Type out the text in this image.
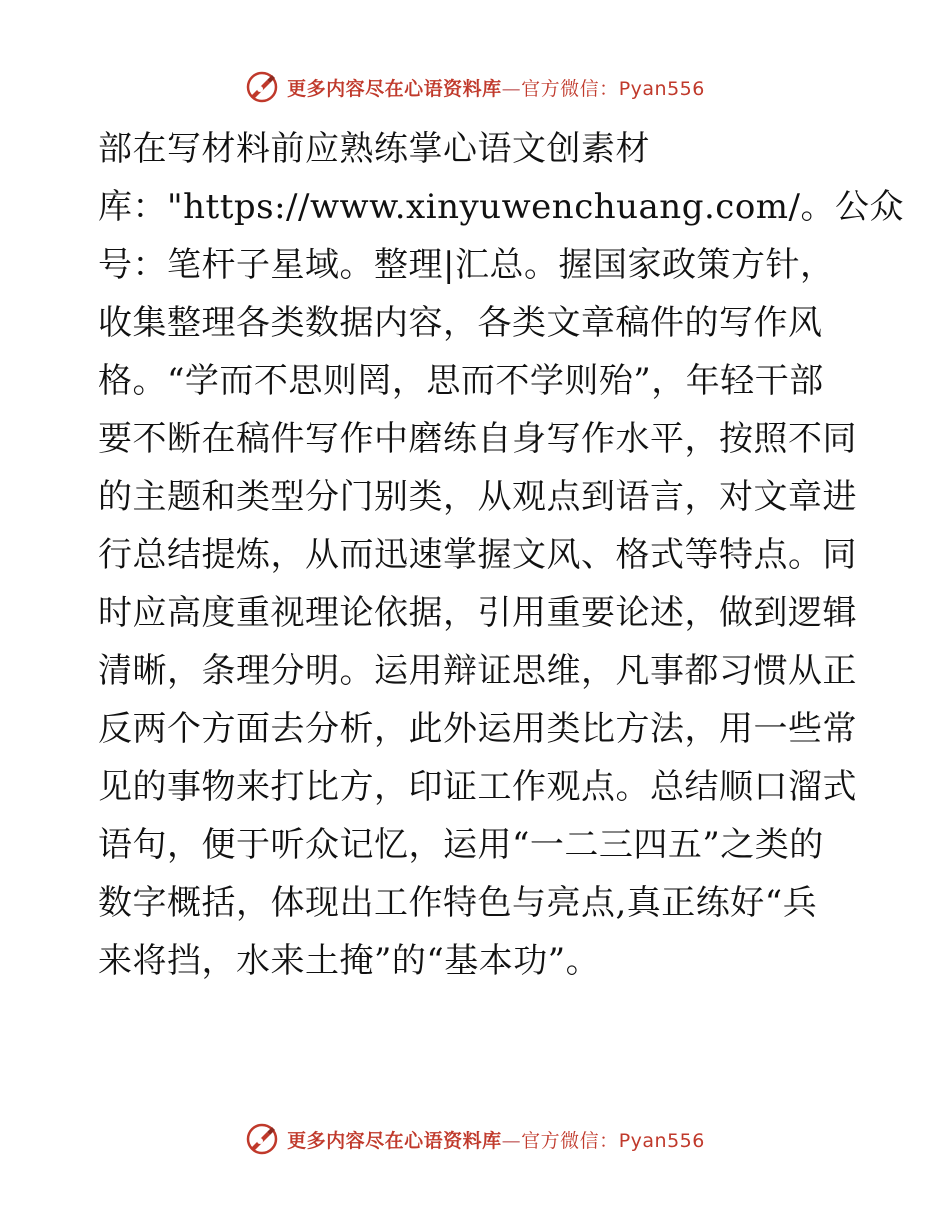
更多内容尽在心语资料库—官方微信：Pyan556
部在写材料前应熟练掌心语文创素材
库："https://www.xinyuwenchuang.com/。公众
号：笔杆子星域。整理|汇总。握国家政策方针，
收集整理各类数据内容，各类文章稿件的写作风
格。“学而不思则罔，思而不学则殆”，年轻干部
要不断在稿件写作中磨练自身写作水平，按照不同
的主题和类型分门别类，从观点到语言，对文章进
行总结提炼，从而迅速掌握文风、格式等特点。同
时应高度重视理论依据，引用重要论述，做到逻辑
清晰，条理分明。运用辩证思维，凡事都习惯从正
反两个方面去分析，此外运用类比方法，用一些常
见的事物来打比方，印证工作观点。总结顺口溜式
语句，便于听众记忆，运用“一二三四五”之类的
数字概括，体现出工作特色与亮点,真正练好“兵
来将挡，水来土掩”的“基本功”。
更多内容尽在心语资料库—官方微信：Pyan556
